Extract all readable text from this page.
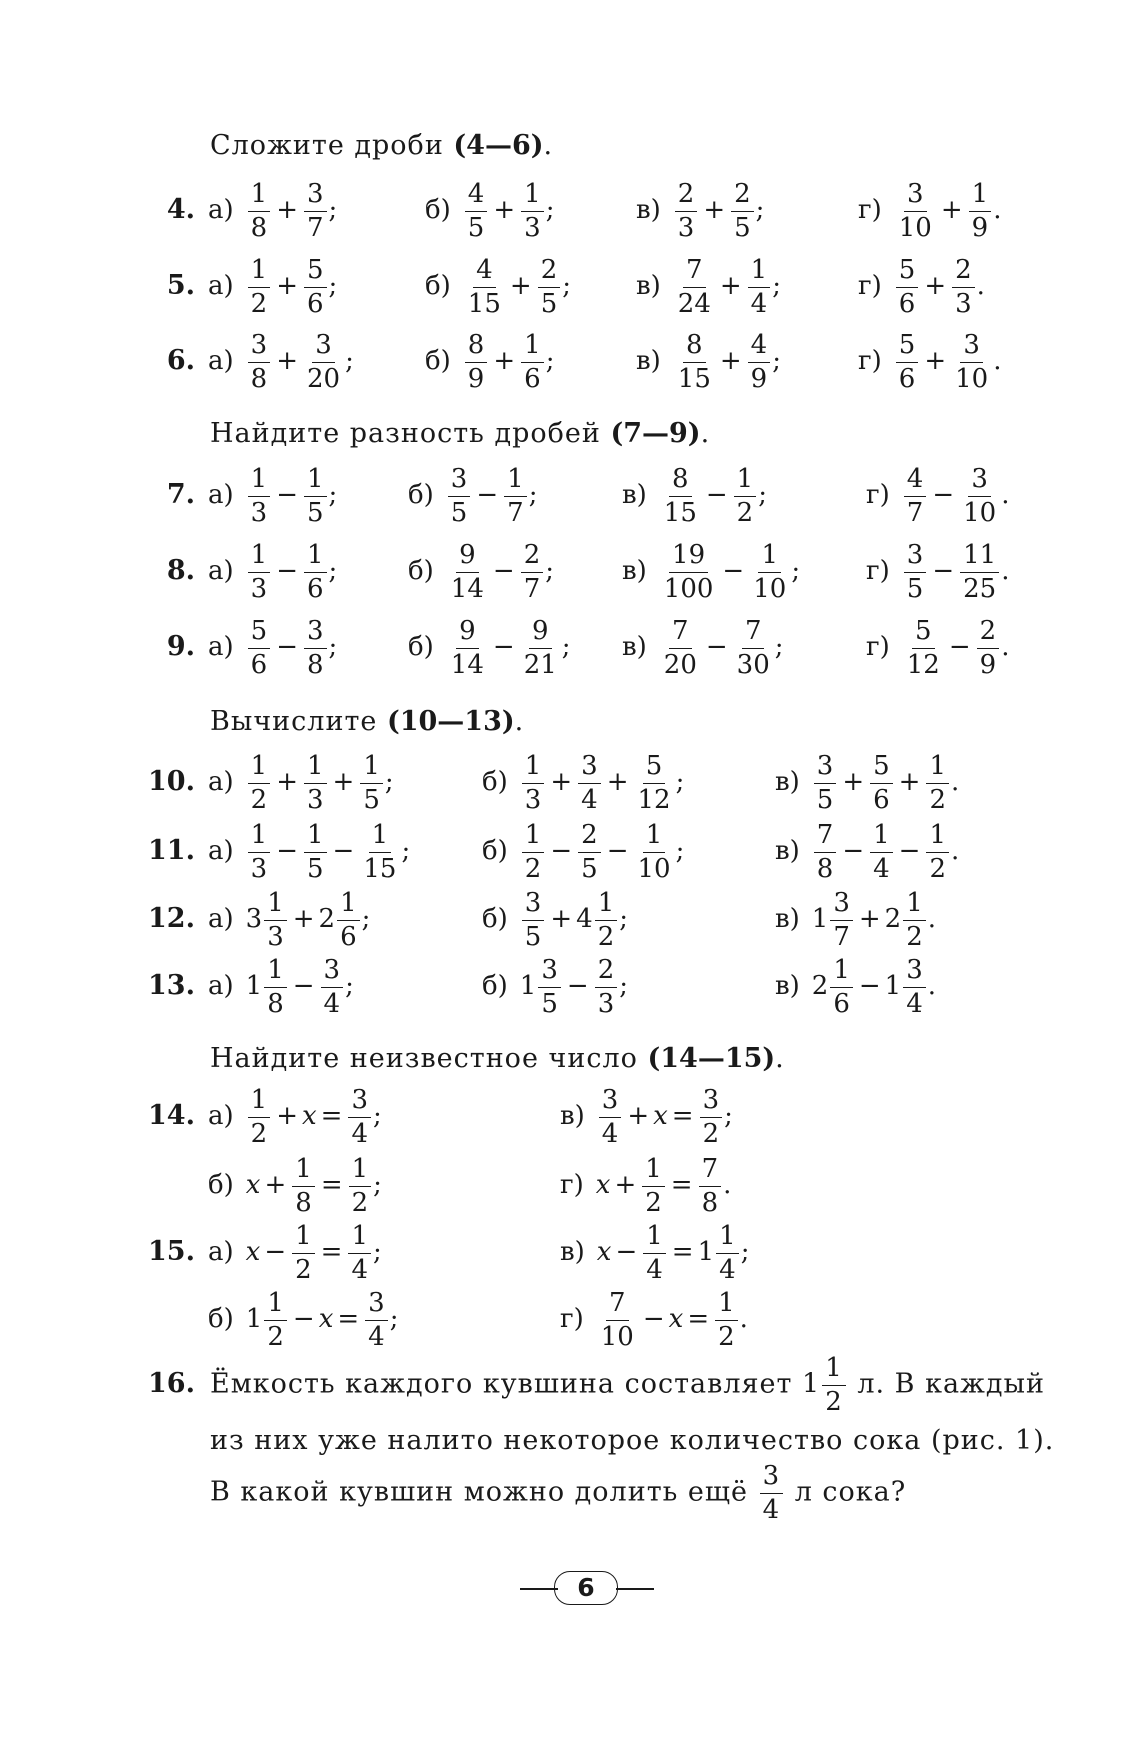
Сложите дроби (4—6).
Найдите разность дробей (7—9).
Вычислите (10—13).
Найдите неизвестное число (14—15).
4. $а) \frac{1}{8} + \frac{3}{7}$ ;	$б) \frac{4}{5} + \frac{1}{3}$ ;	$в) \frac{2}{3} + \frac{2}{5}$ ;	$г) \frac{3}{10} + \frac{1}{9}$ .
5. $а) \frac{1}{2} + \frac{5}{6}$ ;	$б) \frac{4}{15} + \frac{2}{5}$ ;	$в) \frac{7}{24} + \frac{1}{4}$ ;	$г) \frac{5}{6} + \frac{2}{3}$ .
6. $а) \frac{3}{8} + \frac{3}{20}$ ;	$б) \frac{8}{9} + \frac{1}{6}$ ;	$в) \frac{8}{15} + \frac{4}{9}$ ;	$г) \frac{5}{6} + \frac{3}{10}$ .
7. $а) \frac{1}{3} - \frac{1}{5}$ ;	$б) \frac{3}{5} - \frac{1}{7}$ ;	$в) \frac{8}{15} - \frac{1}{2}$ ;	$г) \frac{4}{7} - \frac{3}{10}$ .
8. $а) \frac{1}{3} - \frac{1}{6}$ ;	$б) \frac{9}{14} - \frac{2}{7}$ ;	$в) \frac{19}{100} - \frac{1}{10}$ ;	$г) \frac{3}{5} - \frac{11}{25}$ .
9. $а) \frac{5}{6} - \frac{3}{8}$ ;	$б) \frac{9}{14} - \frac{9}{21}$ ; $в) \frac{7}{20} - \frac{7}{30}$ ;	$г) \frac{5}{12} - \frac{2}{9}$ .
10. $а) \frac{1}{2} + \frac{1}{3} + \frac{1}{5}$ ;	$б) \frac{1}{3} + \frac{3}{4} + \frac{5}{12}$ ;	$в) \frac{3}{5} + \frac{5}{6} + \frac{1}{2}$ .
11. $а) \frac{1}{3} - \frac{1}{5} - \frac{1}{15}$ ;	$б) \frac{1}{2} - \frac{2}{5} - \frac{1}{10}$ ;	$в) \frac{7}{8} - \frac{1}{4} - \frac{1}{2}$ .
12. а) $3 \frac{1}{3} + 2 \frac{1}{6}$ ;	$б) \frac{3}{5} + 4 \frac{1}{2}$ ;	в) $1 \frac{3}{7} + 2 \frac{1}{2}$ .
13. а) $1 \frac{1}{8} - \frac{3}{4}$ ;	б) $1 \frac{3}{5} - \frac{2}{3}$ ;	в) $2 \frac{1}{6} - 1 \frac{3}{4}$ .
14. $а) \frac{1}{2} + x = \frac{3}{4}$ ;	$в) \frac{3}{4} + x = \frac{3}{2}$ ;
б) $x + \frac{1}{8} = \frac{1}{2}$ ;	г) $x + \frac{1}{2} = \frac{7}{8}$ .
15. а) $x - \frac{1}{2} = \frac{1}{4}$ ;	в) $x - \frac{1}{4} = 1 \frac{1}{4}$ ;
б) $1 \frac{1}{2} - x = \frac{3}{4}$ ;	$г) \frac{7}{10} - x = \frac{1}{2}$ .
16. Ёмкость каждого кувшина составляет $1 \frac{1}{2} л$. В каждый
из них уже налито некоторое количество сока (рис. 1).
В какой кувшин можно долить ещё $\frac{3}{4}$ л сока?
6
